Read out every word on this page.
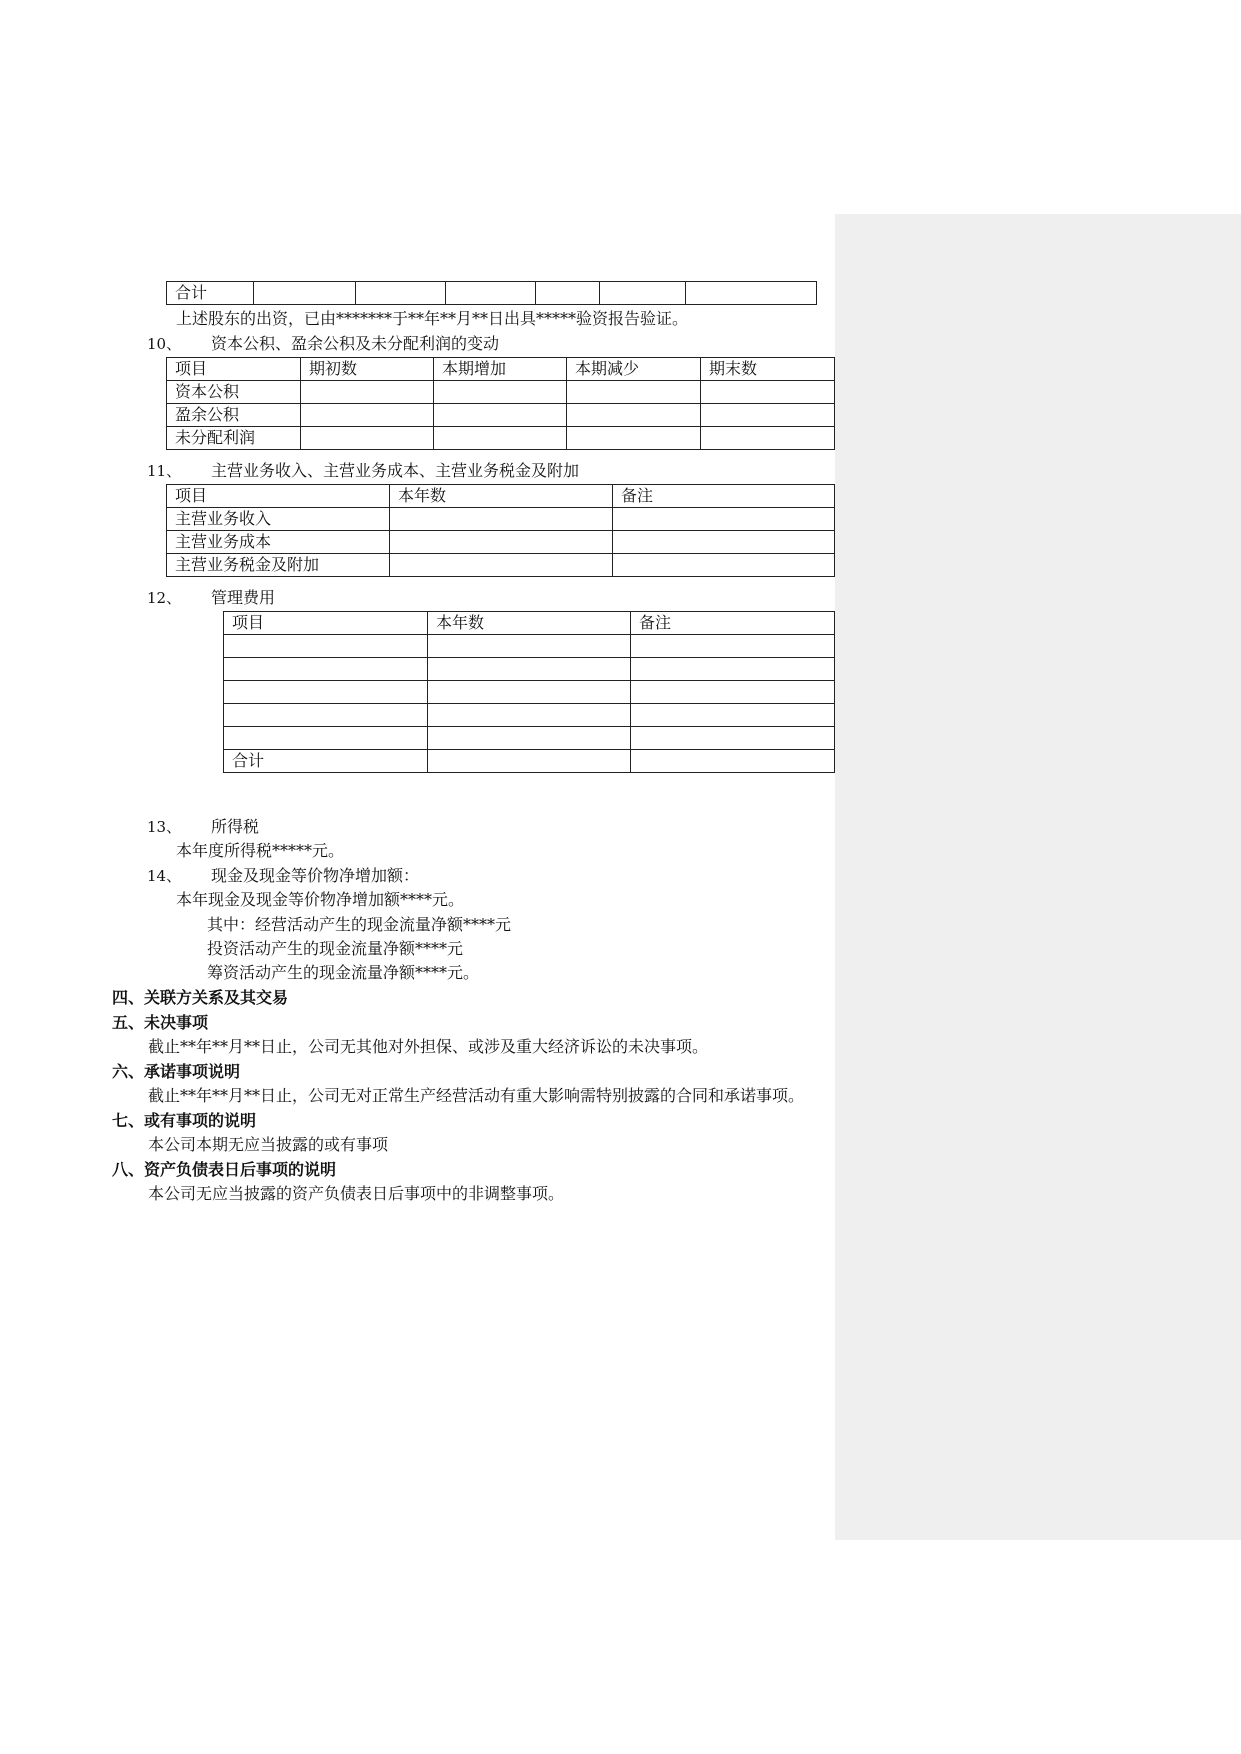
合计						
上述股东的出资，已由*******于**年**月**日出具*****验资报告验证。
10、 资本公积、盈余公积及未分配利润的变动
项目	期初数	本期增加	本期减少	期末数
资本公积				
盈余公积				
未分配利润				
11、 主营业务收入、主营业务成本、主营业务税金及附加
项目	本年数	备注
主营业务收入		
主营业务成本		
主营业务税金及附加		
12、 管理费用
项目	本年数	备注

合计		
13、 所得税
本年度所得税*****元。
14、 现金及现金等价物净增加额：
本年现金及现金等价物净增加额****元。
其中：经营活动产生的现金流量净额****元
投资活动产生的现金流量净额****元
筹资活动产生的现金流量净额****元。
四、关联方关系及其交易
五、未决事项
截止**年**月**日止，公司无其他对外担保、或涉及重大经济诉讼的未决事项。
六、承诺事项说明
截止**年**月**日止，公司无对正常生产经营活动有重大影响需特别披露的合同和承诺事项。
七、或有事项的说明
本公司本期无应当披露的或有事项
八、资产负债表日后事项的说明
本公司无应当披露的资产负债表日后事项中的非调整事项。
